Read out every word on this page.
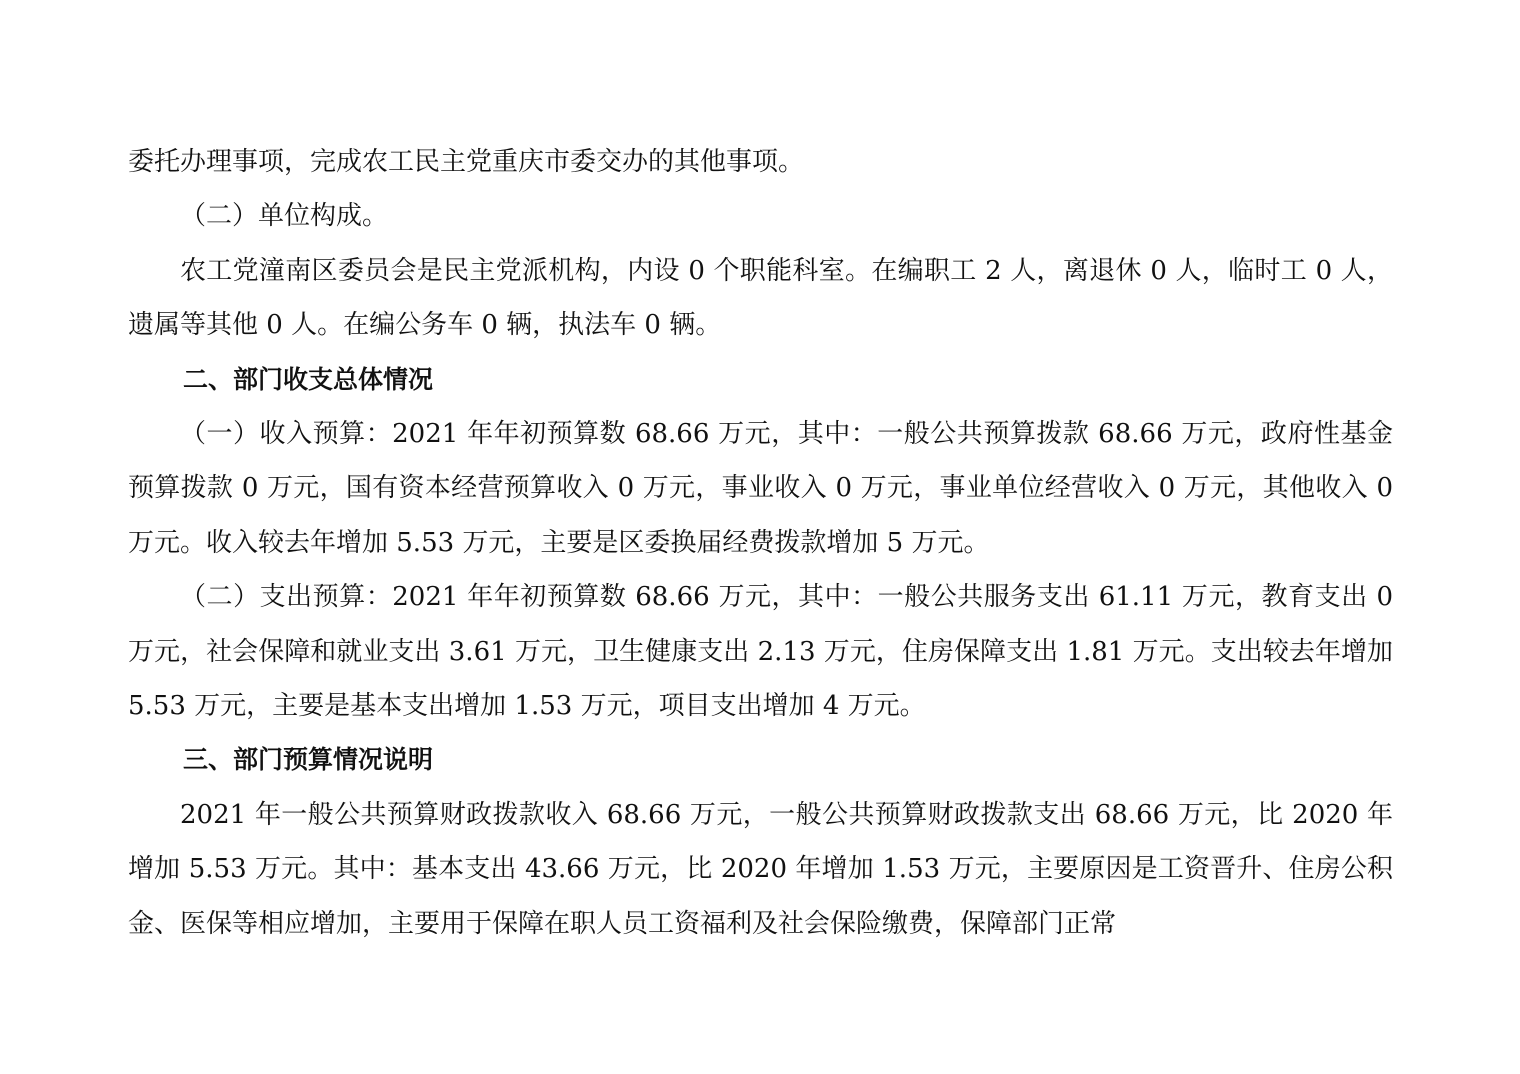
委托办理事项，完成农工民主党重庆市委交办的其他事项。

（二）单位构成。

农工党潼南区委员会是民主党派机构，内设 0 个职能科室。在编职工 2 人，离退休 0 人，临时工 0 人，遗属等其他 0 人。在编公务车 0 辆，执法车 0 辆。

二、部门收支总体情况

（一）收入预算：2021 年年初预算数 68.66 万元，其中：一般公共预算拨款 68.66 万元，政府性基金预算拨款 0 万元，国有资本经营预算收入 0 万元，事业收入 0 万元，事业单位经营收入 0 万元，其他收入 0 万元。收入较去年增加 5.53 万元，主要是区委换届经费拨款增加 5 万元。

（二）支出预算：2021 年年初预算数 68.66 万元，其中：一般公共服务支出 61.11 万元，教育支出 0 万元，社会保障和就业支出 3.61 万元，卫生健康支出 2.13 万元，住房保障支出 1.81 万元。支出较去年增加 5.53 万元，主要是基本支出增加 1.53 万元，项目支出增加 4 万元。

三、部门预算情况说明

2021 年一般公共预算财政拨款收入 68.66 万元，一般公共预算财政拨款支出 68.66 万元，比 2020 年增加 5.53 万元。其中：基本支出 43.66 万元，比 2020 年增加 1.53 万元，主要原因是工资晋升、住房公积金、医保等相应增加，主要用于保障在职人员工资福利及社会保险缴费，保障部门正常
